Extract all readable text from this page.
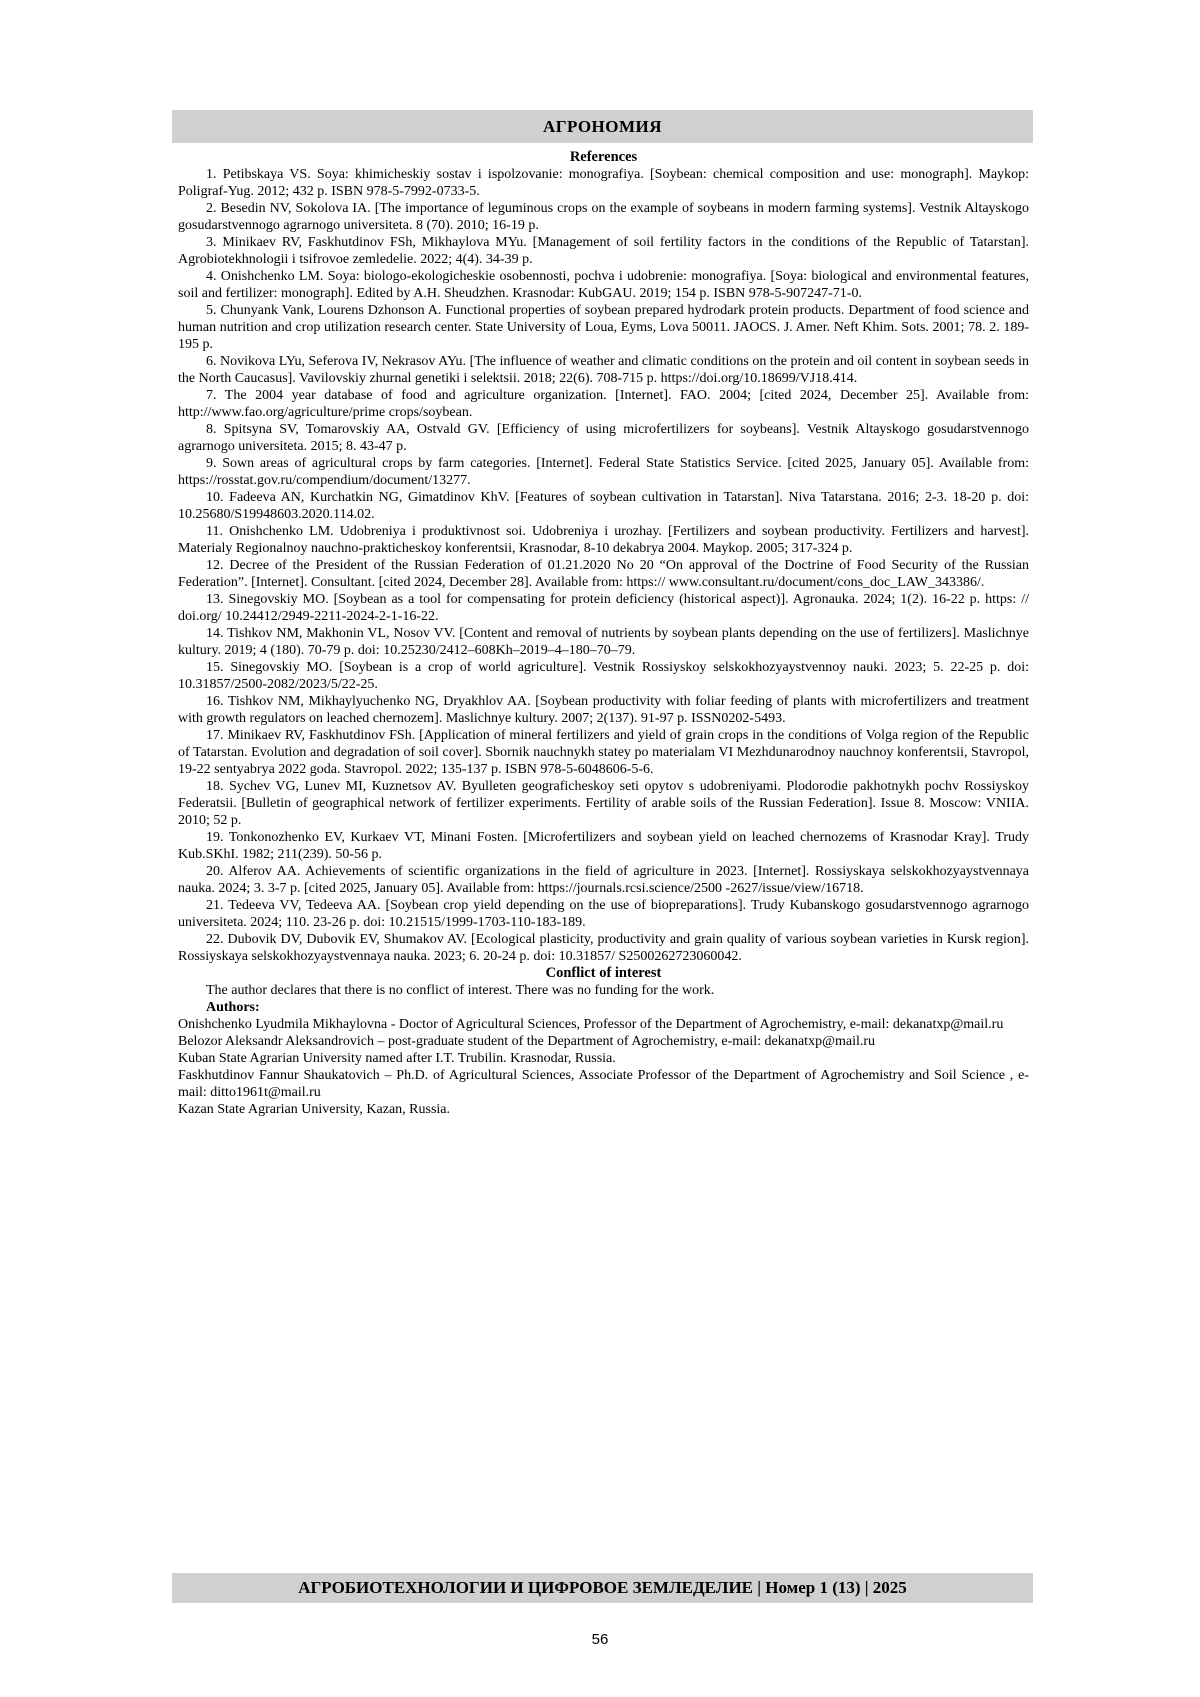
АГРОНОМИЯ

References

1. Petibskaya VS. Soya: khimicheskiy sostav i ispolzovanie: monografiya. [Soybean: chemical composition and use: monograph]. Maykop: Poligraf-Yug. 2012; 432 p. ISBN 978-5-7992-0733-5.

2. Besedin NV, Sokolova IA. [The importance of leguminous crops on the example of soybeans in modern farming systems]. Vestnik Altayskogo gosudarstvennogo agrarnogo universiteta. 8 (70). 2010; 16-19 p.

3. Minikaev RV, Faskhutdinov FSh, Mikhaylova MYu. [Management of soil fertility factors in the conditions of the Republic of Tatarstan]. Agrobiotekhnologii i tsifrovoe zemledelie. 2022; 4(4). 34-39 p.

4. Onishchenko LM. Soya: biologo-ekologicheskie osobennosti, pochva i udobrenie: monografiya. [Soya: biological and environmental features, soil and fertilizer: monograph]. Edited by A.H. Sheudzhen. Krasnodar: KubGAU. 2019; 154 p. ISBN 978-5-907247-71-0.

5. Chunyank Vank, Lourens Dzhonson A. Functional properties of soybean prepared hydrodark protein products. Department of food science and human nutrition and crop utilization research center. State University of Loua, Eyms, Lova 50011. JAOCS. J. Amer. Neft Khim. Sots. 2001; 78. 2. 189-195 p.

6. Novikova LYu, Seferova IV, Nekrasov AYu. [The influence of weather and climatic conditions on the protein and oil content in soybean seeds in the North Caucasus]. Vavilovskiy zhurnal genetiki i selektsii. 2018; 22(6). 708-715 p. https://doi.org/10.18699/VJ18.414.

7. The 2004 year database of food and agriculture organization. [Internet]. FAO. 2004; [cited 2024, December 25]. Available from: http://www.fao.org/agriculture/prime crops/soybean.

8. Spitsyna SV, Tomarovskiy AA, Ostvald GV. [Efficiency of using microfertilizers for soybeans]. Vestnik Altayskogo gosudarstvennogo agrarnogo universiteta. 2015; 8. 43-47 p.

9. Sown areas of agricultural crops by farm categories. [Internet]. Federal State Statistics Service. [cited 2025, January 05]. Available from: https://rosstat.gov.ru/compendium/document/13277.

10. Fadeeva AN, Kurchatkin NG, Gimatdinov KhV. [Features of soybean cultivation in Tatarstan]. Niva Tatarstana. 2016; 2-3. 18-20 p. doi: 10.25680/S19948603.2020.114.02.

11. Onishchenko LM. Udobreniya i produktivnost soi. Udobreniya i urozhay. [Fertilizers and soybean productivity. Fertilizers and harvest]. Materialy Regionalnoy nauchno-prakticheskoy konferentsii, Krasnodar, 8-10 dekabrya 2004. Maykop. 2005; 317-324 p.

12. Decree of the President of the Russian Federation of 01.21.2020 No 20 “On approval of the Doctrine of Food Security of the Russian Federation”. [Internet]. Consultant. [cited 2024, December 28]. Available from: https:// www.consultant.ru/document/cons_doc_LAW_343386/.

13. Sinegovskiy MO. [Soybean as a tool for compensating for protein deficiency (historical aspect)]. Agronauka. 2024; 1(2). 16-22 p. https: // doi.org/ 10.24412/2949-2211-2024-2-1-16-22.

14. Tishkov NM, Makhonin VL, Nosov VV. [Content and removal of nutrients by soybean plants depending on the use of fertilizers]. Maslichnye kultury. 2019; 4 (180). 70-79 p. doi: 10.25230/2412–608Kh–2019–4–180–70–79.

15. Sinegovskiy MO. [Soybean is a crop of world agriculture]. Vestnik Rossiyskoy selskokhozyaystvennoy nauki. 2023; 5. 22-25 p. doi: 10.31857/2500-2082/2023/5/22-25.

16. Tishkov NM, Mikhaylyuchenko NG, Dryakhlov AA. [Soybean productivity with foliar feeding of plants with microfertilizers and treatment with growth regulators on leached chernozem]. Maslichnye kultury. 2007; 2(137). 91-97 p. ISSN0202-5493.

17. Minikaev RV, Faskhutdinov FSh. [Application of mineral fertilizers and yield of grain crops in the conditions of Volga region of the Republic of Tatarstan. Evolution and degradation of soil cover]. Sbornik nauchnykh statey po materialam VI Mezhdunarodnoy nauchnoy konferentsii, Stavropol, 19-22 sentyabrya 2022 goda. Stavropol. 2022; 135-137 p. ISBN 978-5-6048606-5-6.

18. Sychev VG, Lunev MI, Kuznetsov AV. Byulleten geograficheskoy seti opytov s udobreniyami. Plodorodie pakhotnykh pochv Rossiyskoy Federatsii. [Bulletin of geographical network of fertilizer experiments. Fertility of arable soils of the Russian Federation]. Issue 8. Moscow: VNIIA. 2010; 52 p.

19. Tonkonozhenko EV, Kurkaev VT, Minani Fosten. [Microfertilizers and soybean yield on leached chernozems of Krasnodar Kray]. Trudy Kub.SKhI. 1982; 211(239). 50-56 p.

20. Alferov AA. Achievements of scientific organizations in the field of agriculture in 2023. [Internet]. Rossiyskaya selskokhozyaystvennaya nauka. 2024; 3. 3-7 p. [cited 2025, January 05]. Available from: https://journals.rcsi.science/2500 -2627/issue/view/16718.

21. Tedeeva VV, Tedeeva AA. [Soybean crop yield depending on the use of biopreparations]. Trudy Kubanskogo gosudarstvennogo agrarnogo universiteta. 2024; 110. 23-26 p. doi: 10.21515/1999-1703-110-183-189.

22. Dubovik DV, Dubovik EV, Shumakov AV. [Ecological plasticity, productivity and grain quality of various soybean varieties in Kursk region]. Rossiyskaya selskokhozyaystvennaya nauka. 2023; 6. 20-24 p. doi: 10.31857/ S2500262723060042.

Conflict of interest

The author declares that there is no conflict of interest. There was no funding for the work.

Authors:

Onishchenko Lyudmila Mikhaylovna - Doctor of Agricultural Sciences, Professor of the Department of Agrochemistry, e-mail: dekanatxp@mail.ru

Belozor Aleksandr Aleksandrovich – post-graduate student of the Department of Agrochemistry, e-mail: dekanatxp@mail.ru

Kuban State Agrarian University named after I.T. Trubilin. Krasnodar, Russia.

Faskhutdinov Fannur Shaukatovich – Ph.D. of Agricultural Sciences, Associate Professor of the Department of Agrochemistry and Soil Science , e-mail: ditto1961t@mail.ru

Kazan State Agrarian University, Kazan, Russia.

АГРОБИОТЕХНОЛОГИИ И ЦИФРОВОЕ ЗЕМЛЕДЕЛИЕ | Номер 1 (13) | 2025
56
